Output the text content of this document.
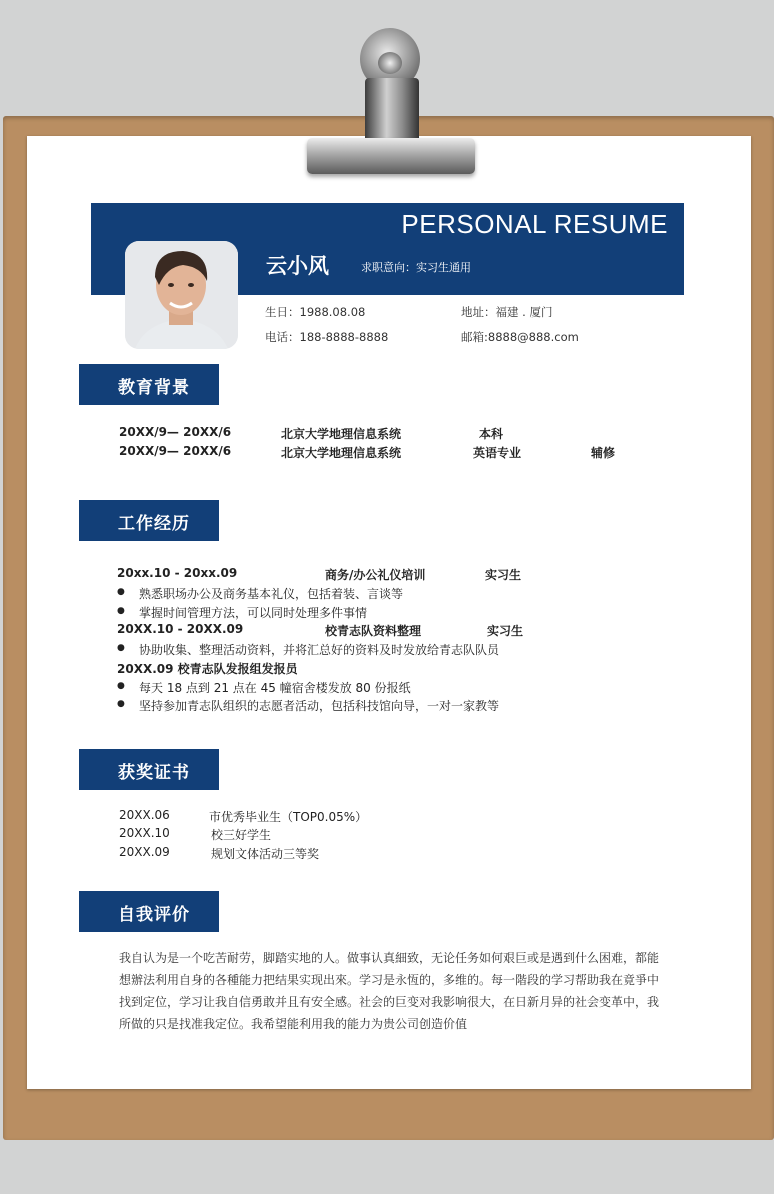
PERSONAL RESUME
云小风	求职意向：实习生通用
生日：1988.08.08	地址：福建 . 厦门
电话：188-8888-8888	邮箱:8888@888.com
教育背景
20XX/9— 20XX/6	北京大学地理信息系统	本科
20XX/9— 20XX/6	北京大学地理信息系统	英语专业	辅修
工作经历
20xx.10 - 20xx.09	商务/办公礼仪培训	实习生
● 熟悉职场办公及商务基本礼仪，包括着装、言谈等
● 掌握时间管理方法，可以同时处理多件事情
20XX.10 - 20XX.09	校青志队资料整理	实习生
● 协助收集、整理活动资料，并将汇总好的资料及时发放给青志队队员
20XX.09 校青志队发报组发报员
● 每天 18 点到 21 点在 45 幢宿舍楼发放 80 份报纸
● 坚持参加青志队组织的志愿者活动，包括科技馆向导，一对一家教等
获奖证书
20XX.06	市优秀毕业生（TOP0.05%）
20XX.10	校三好学生
20XX.09	规划文体活动三等奖
自我评价
我自认为是一个吃苦耐劳，脚踏实地的人。做事认真細致，无论任务如何艰巨或是遇到什么困难，都能想辦法利用自身的各種能力把结果实现出來。学习是永恆的，多维的。每一階段的学习帮助我在竟爭中找到定位，学习让我自信勇敢并且有安全感。社会的巨变对我影响很大，在日新月异的社会变革中，我所做的只是找准我定位。我希望能利用我的能力为贵公司创造价值
